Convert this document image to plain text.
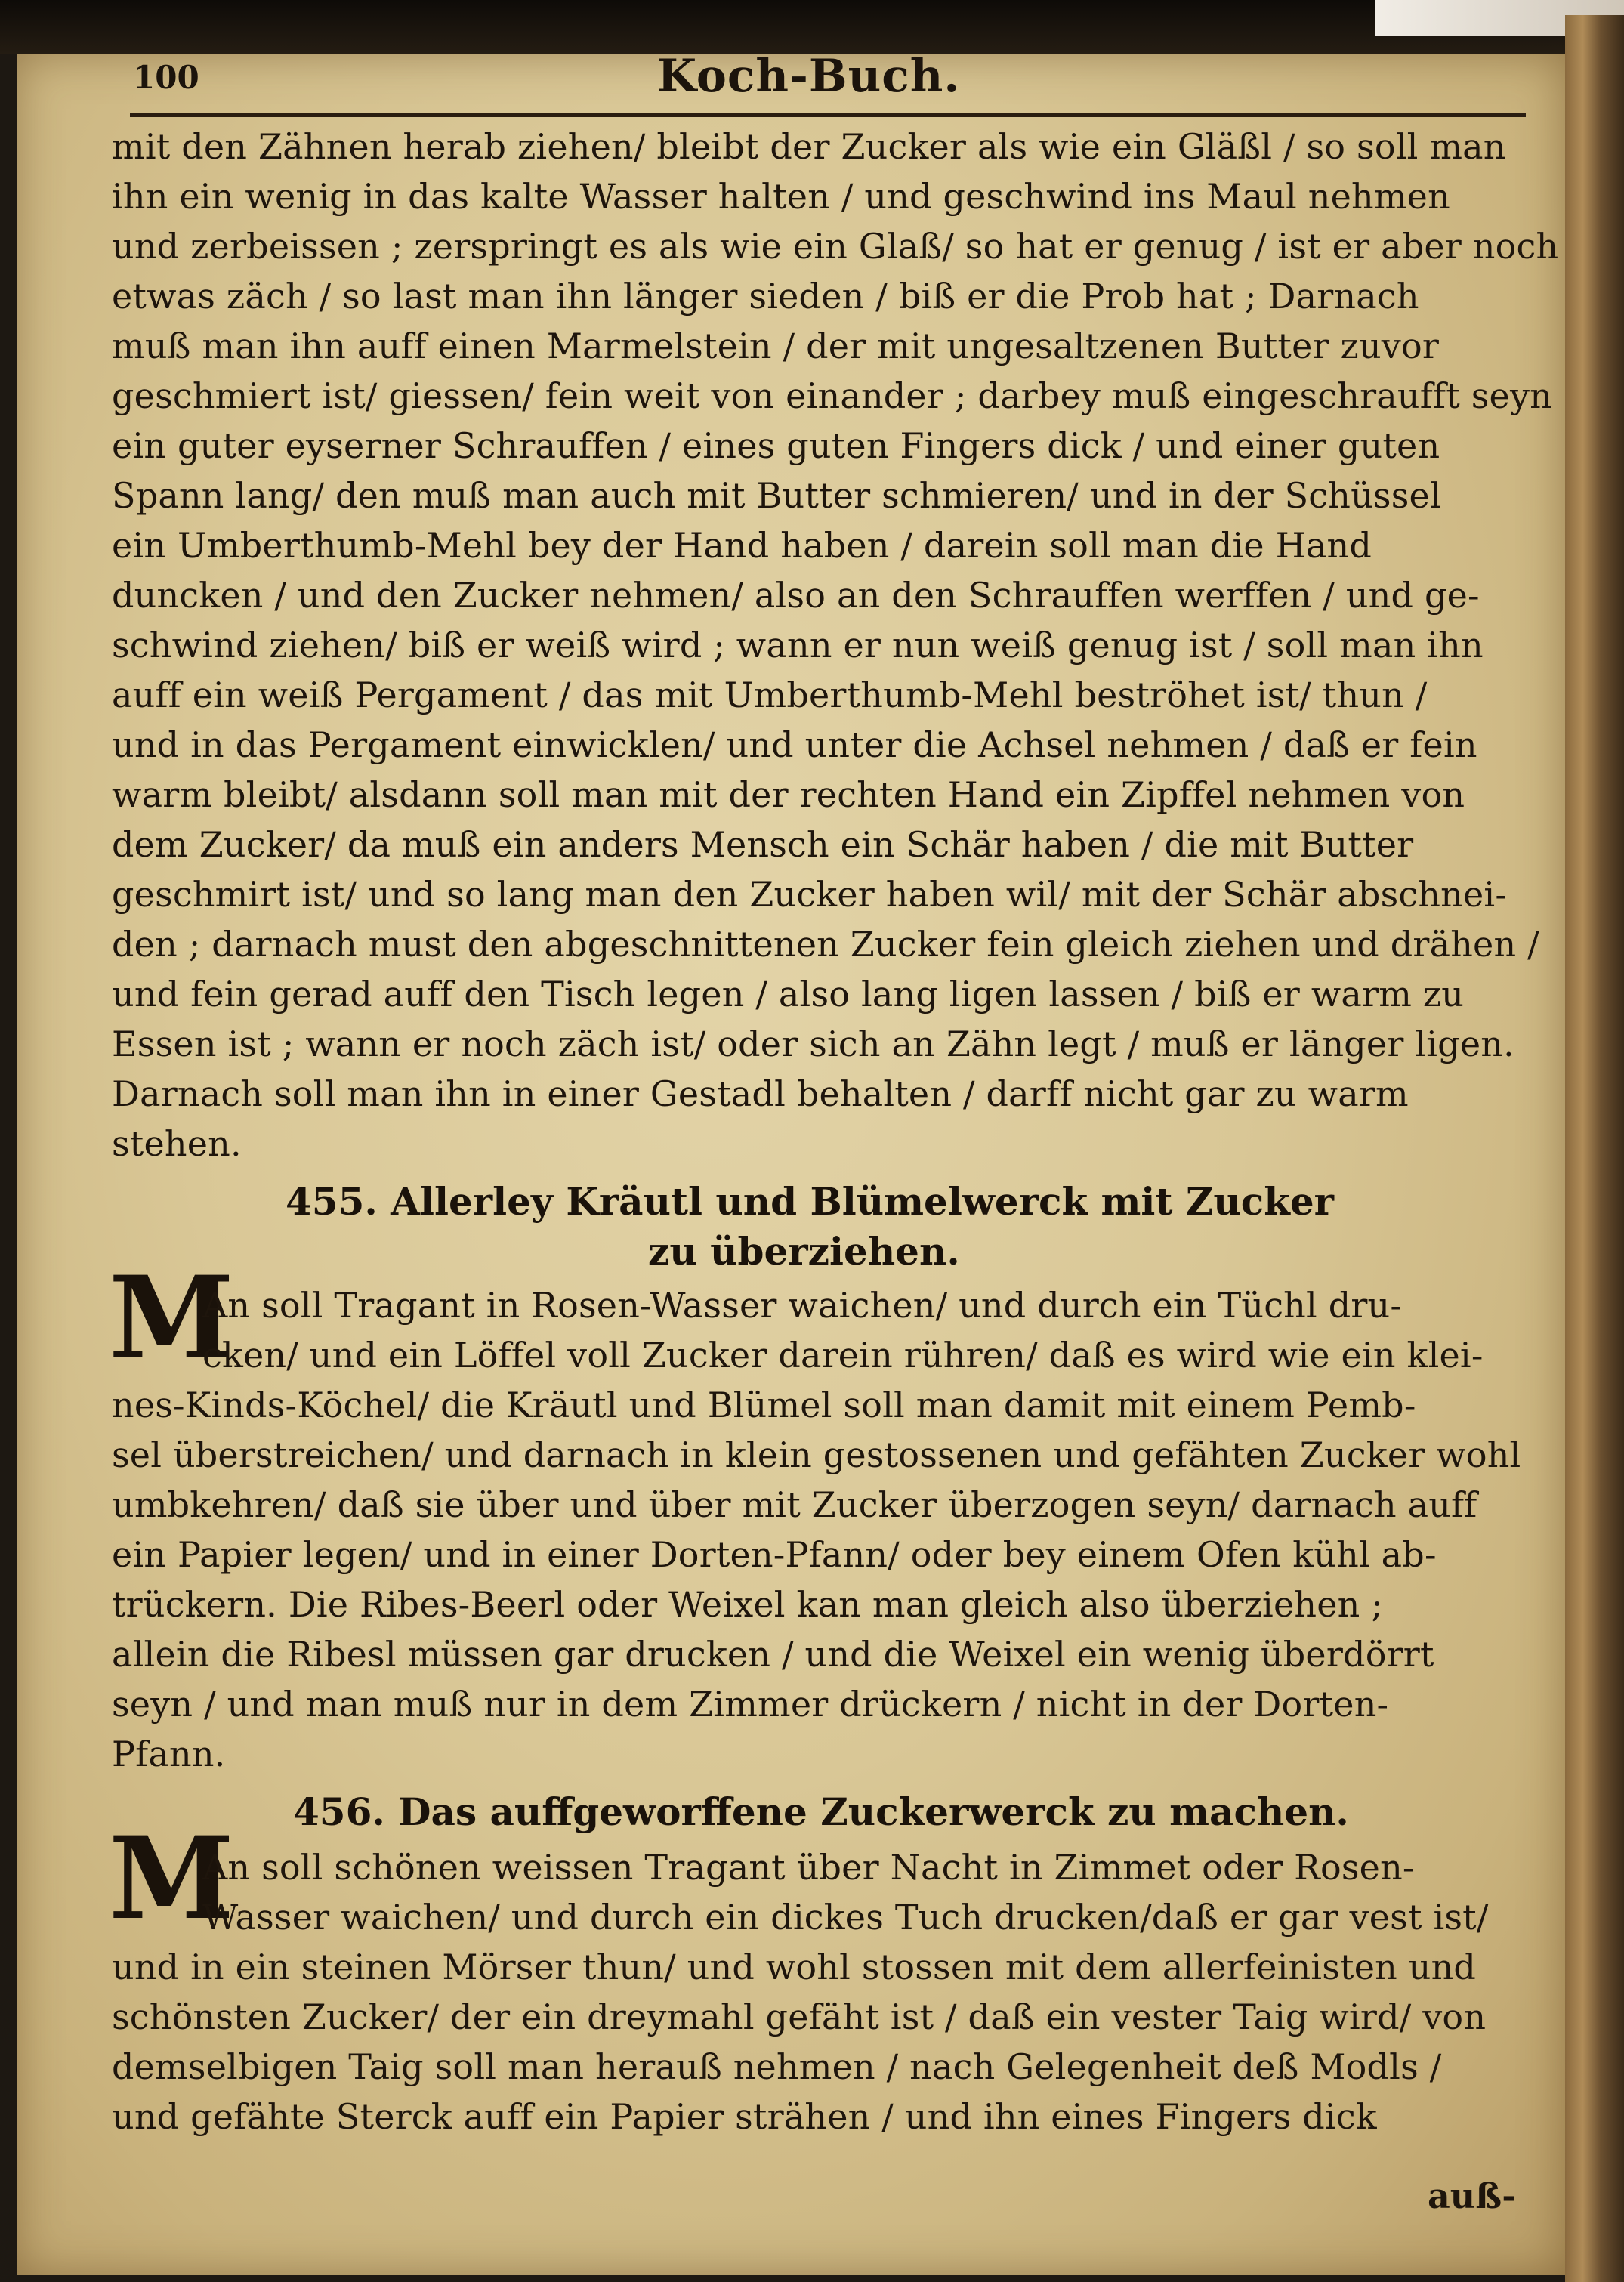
100	Koch-Buch.
mit den Zähnen herab ziehen/ bleibt der Zucker als wie ein Gläßl / so soll man
ihn ein wenig in das kalte Wasser halten / und geschwind ins Maul nehmen
und zerbeissen ; zerspringt es als wie ein Glaß/ so hat er genug / ist er aber noch
etwas zäch / so last man ihn länger sieden / biß er die Prob hat ; Darnach
muß man ihn auff einen Marmelstein / der mit ungesaltzenen Butter zuvor
geschmiert ist/ giessen/ fein weit von einander ; darbey muß eingeschraufft seyn
ein guter eyserner Schrauffen / eines guten Fingers dick / und einer guten
Spann lang/ den muß man auch mit Butter schmieren/ und in der Schüssel
ein Umberthumb-Mehl bey der Hand haben / darein soll man die Hand
duncken / und den Zucker nehmen/ also an den Schrauffen werffen / und ge-
schwind ziehen/ biß er weiß wird ; wann er nun weiß genug ist / soll man ihn
auff ein weiß Pergament / das mit Umberthumb-Mehl beströhet ist/ thun /
und in das Pergament einwicklen/ und unter die Achsel nehmen / daß er fein
warm bleibt/ alsdann soll man mit der rechten Hand ein Zipffel nehmen von
dem Zucker/ da muß ein anders Mensch ein Schär haben / die mit Butter
geschmirt ist/ und so lang man den Zucker haben wil/ mit der Schär abschnei-
den ; darnach must den abgeschnittenen Zucker fein gleich ziehen und drähen /
und fein gerad auff den Tisch legen / also lang ligen lassen / biß er warm zu
Essen ist ; wann er noch zäch ist/ oder sich an Zähn legt / muß er länger ligen.
Darnach soll man ihn in einer Gestadl behalten / darff nicht gar zu warm
stehen.
455. Allerley Kräutl und Blümelwerck mit Zucker
zu überziehen.
M
An soll Tragant in Rosen-Wasser waichen/ und durch ein Tüchl dru-
cken/ und ein Löffel voll Zucker darein rühren/ daß es wird wie ein klei-
nes-Kinds-Köchel/ die Kräutl und Blümel soll man damit mit einem Pemb-
sel überstreichen/ und darnach in klein gestossenen und gefähten Zucker wohl
umbkehren/ daß sie über und über mit Zucker überzogen seyn/ darnach auff
ein Papier legen/ und in einer Dorten-Pfann/ oder bey einem Ofen kühl ab-
trückern. Die Ribes-Beerl oder Weixel kan man gleich also überziehen ;
allein die Ribesl müssen gar drucken / und die Weixel ein wenig überdörrt
seyn / und man muß nur in dem Zimmer drückern / nicht in der Dorten-
Pfann.
456. Das auffgeworffene Zuckerwerck zu machen.
M
An soll schönen weissen Tragant über Nacht in Zimmet oder Rosen-
Wasser waichen/ und durch ein dickes Tuch drucken/daß er gar vest ist/
und in ein steinen Mörser thun/ und wohl stossen mit dem allerfeinisten und
schönsten Zucker/ der ein dreymahl gefäht ist / daß ein vester Taig wird/ von
demselbigen Taig soll man herauß nehmen / nach Gelegenheit deß Modls /
und gefähte Sterck auff ein Papier strähen / und ihn eines Fingers dick
auß-
